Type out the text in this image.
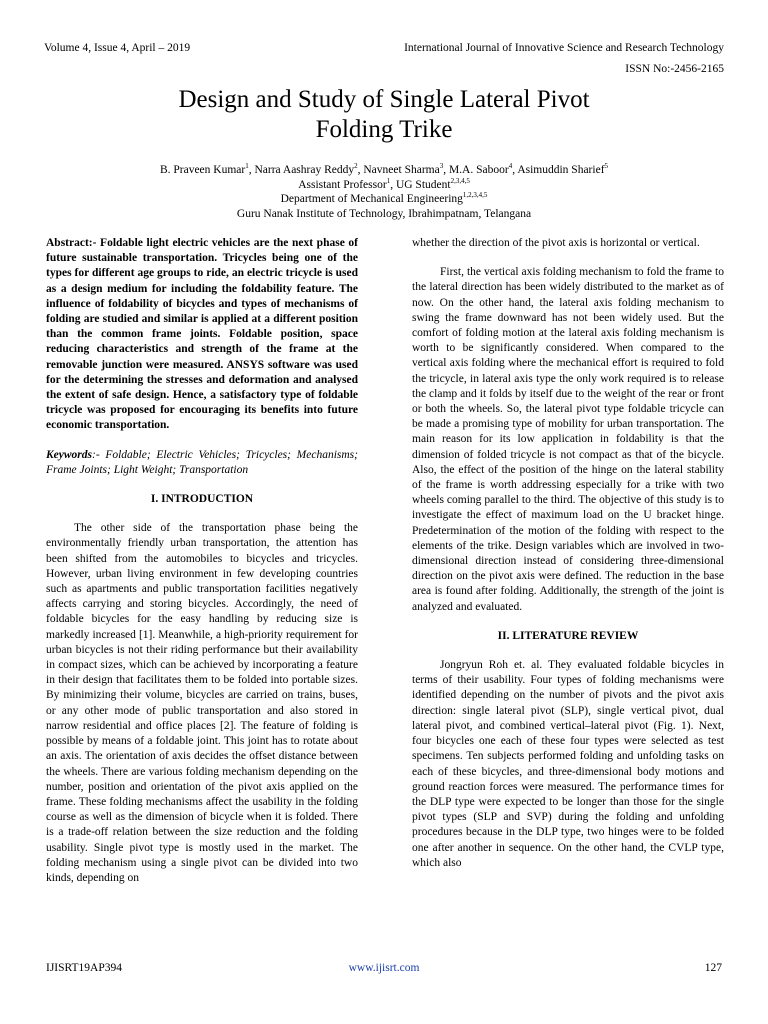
Volume 4, Issue 4, April – 2019	International Journal of Innovative Science and Research Technology
ISSN No:-2456-2165
Design and Study of Single Lateral Pivot
Folding Trike
B. Praveen Kumar$^1$, Narra Aashray Reddy$^2$, Navneet Sharma$^3$, M.A. Saboor$^4$, Asimuddin Sharief$^5$
Assistant Professor$^1$, UG Student$^{2,3,4,5}$
Department of Mechanical Engineering$^{1,2,3,4,5}$
Guru Nanak Institute of Technology, Ibrahimpatnam, Telangana

Abstract:- Foldable light electric vehicles are the next phase of future sustainable transportation. Tricycles being one of the types for different age groups to ride, an electric tricycle is used as a design medium for including the foldability feature. The influence of foldability of bicycles and types of mechanisms of folding are studied and similar is applied at a different position than the common frame joints. Foldable position, space reducing characteristics and strength of the frame at the removable junction were measured. ANSYS software was used for the determining the stresses and deformation and analysed the extent of safe design. Hence, a satisfactory type of foldable tricycle was proposed for encouraging its benefits into future economic transportation.

Keywords:- Foldable; Electric Vehicles; Tricycles; Mechanisms; Frame Joints; Light Weight; Transportation

I. INTRODUCTION

The other side of the transportation phase being the environmentally friendly urban transportation, the attention has been shifted from the automobiles to bicycles and tricycles. However, urban living environment in few developing countries such as apartments and public transportation facilities negatively affects carrying and storing bicycles. Accordingly, the need of foldable bicycles for the easy handling by reducing size is markedly increased [1]. Meanwhile, a high-priority requirement for urban bicycles is not their riding performance but their availability in compact sizes, which can be achieved by incorporating a feature in their design that facilitates them to be folded into portable sizes. By minimizing their volume, bicycles are carried on trains, buses, or any other mode of public transportation and also stored in narrow residential and office places [2]. The feature of folding is possible by means of a foldable joint. This joint has to rotate about an axis. The orientation of axis decides the offset distance between the wheels. There are various folding mechanism depending on the number, position and orientation of the pivot axis applied on the frame. These folding mechanisms affect the usability in the folding course as well as the dimension of bicycle when it is folded. There is a trade-off relation between the size reduction and the folding usability. Single pivot type is mostly used in the market. The folding mechanism using a single pivot can be divided into two kinds, depending on

whether the direction of the pivot axis is horizontal or vertical.

First, the vertical axis folding mechanism to fold the frame to the lateral direction has been widely distributed to the market as of now. On the other hand, the lateral axis folding mechanism to swing the frame downward has not been widely used. But the comfort of folding motion at the lateral axis folding mechanism is worth to be significantly considered. When compared to the vertical axis folding where the mechanical effort is required to fold the tricycle, in lateral axis type the only work required is to release the clamp and it folds by itself due to the weight of the rear or front or both the wheels. So, the lateral pivot type foldable tricycle can be made a promising type of mobility for urban transportation. The main reason for its low application in foldability is that the dimension of folded tricycle is not compact as that of the bicycle. Also, the effect of the position of the hinge on the lateral stability of the frame is worth addressing especially for a trike with two wheels coming parallel to the third. The objective of this study is to investigate the effect of maximum load on the U bracket hinge. Predetermination of the motion of the folding with respect to the elements of the trike. Design variables which are involved in two-dimensional direction instead of considering three-dimensional direction on the pivot axis were defined. The reduction in the base area is found after folding. Additionally, the strength of the joint is analyzed and evaluated.

II. LITERATURE REVIEW

Jongryun Roh et. al. They evaluated foldable bicycles in terms of their usability. Four types of folding mechanisms were identified depending on the number of pivots and the pivot axis direction: single lateral pivot (SLP), single vertical pivot, dual lateral pivot, and combined vertical–lateral pivot (Fig. 1). Next, four bicycles one each of these four types were selected as test specimens. Ten subjects performed folding and unfolding tasks on each of these bicycles, and three-dimensional body motions and ground reaction forces were measured. The performance times for the DLP type were expected to be longer than those for the single pivot types (SLP and SVP) during the folding and unfolding procedures because in the DLP type, two hinges were to be folded one after another in sequence. On the other hand, the CVLP type, which also

IJISRT19AP394	www.ijisrt.com	127
